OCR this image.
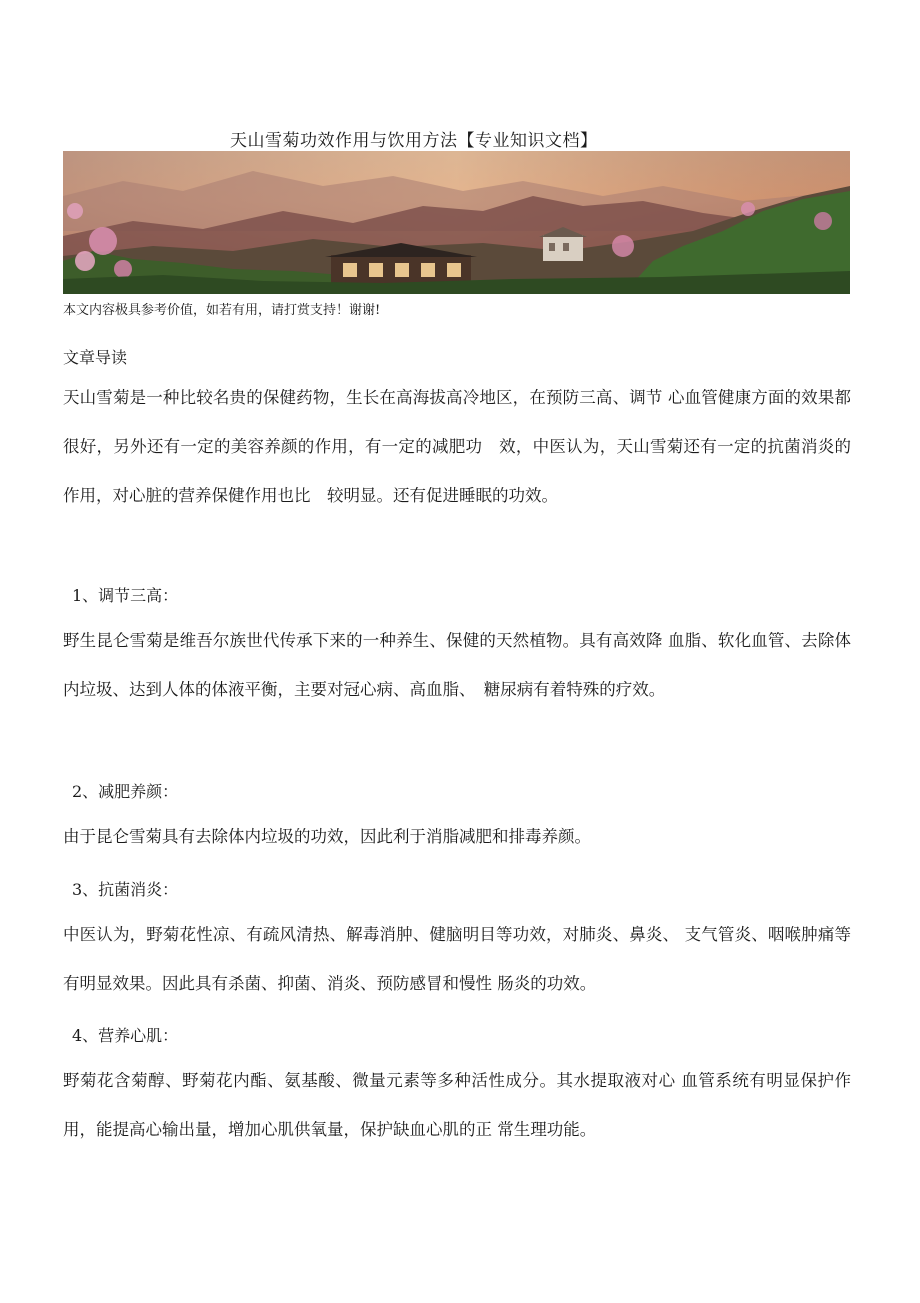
天山雪菊功效作用与饮用方法【专业知识文档】
本文内容极具参考价值，如若有用，请打赏支持！谢谢!
文章导读
天山雪菊是一种比较名贵的保健药物，生长在高海拔高冷地区，在预防三高、调节 心血管健康方面的效果都很好，另外还有一定的美容养颜的作用，有一定的减肥功　效，中医认为，天山雪菊还有一定的抗菌消炎的作用，对心脏的营养保健作用也比　较明显。还有促进睡眠的功效。
1、调节三高：
野生昆仑雪菊是维吾尔族世代传承下来的一种养生、保健的天然植物。具有高效降 血脂、软化血管、去除体内垃圾、达到人体的体液平衡，主要对冠心病、高血脂、　糖尿病有着特殊的疗效。
2、减肥养颜：
由于昆仑雪菊具有去除体内垃圾的功效，因此利于消脂减肥和排毒养颜。
3、抗菌消炎：
中医认为，野菊花性凉、有疏风清热、解毒消肿、健脑明目等功效，对肺炎、鼻炎、 支气管炎、咽喉肿痛等有明显效果。因此具有杀菌、抑菌、消炎、预防感冒和慢性 肠炎的功效。
4、营养心肌：
野菊花含菊醇、野菊花内酯、氨基酸、微量元素等多种活性成分。其水提取液对心 血管系统有明显保护作用，能提高心输出量，增加心肌供氧量，保护缺血心肌的正 常生理功能。
